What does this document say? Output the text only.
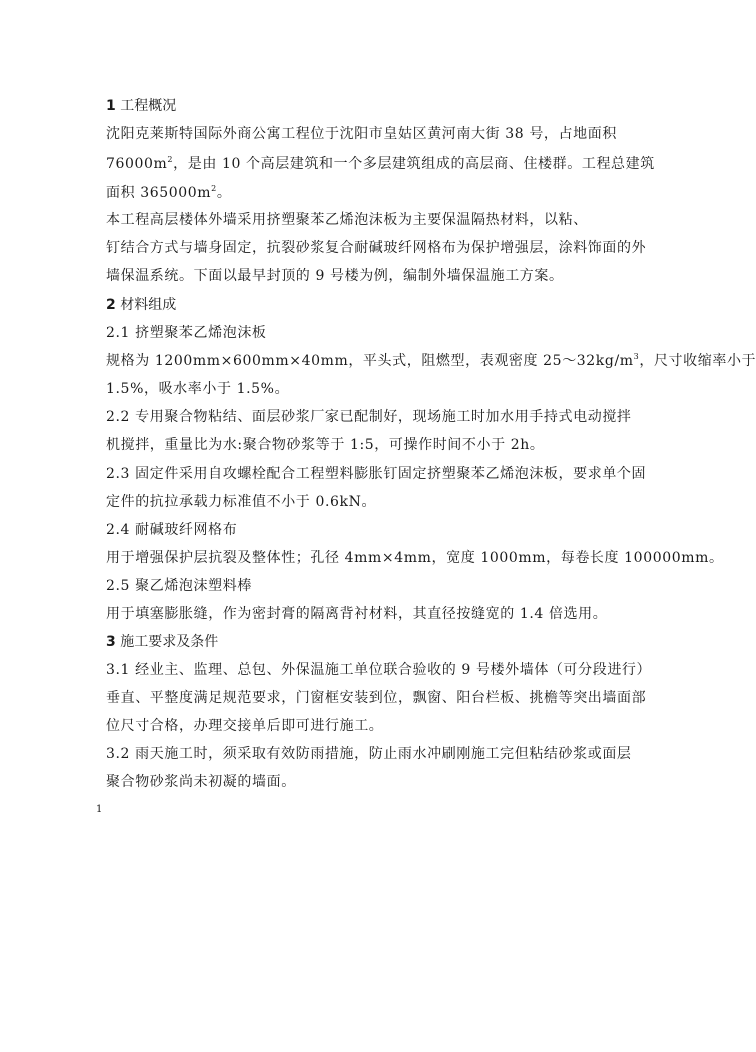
1 工程概况
沈阳克莱斯特国际外商公寓工程位于沈阳市皇姑区黄河南大街 38 号，占地面积
$76000m^2$，是由 10 个高层建筑和一个多层建筑组成的高层商、住楼群。工程总建筑
面积 $365000m^2$。
本工程高层楼体外墙采用挤塑聚苯乙烯泡沫板为主要保温隔热材料，以粘、
钉结合方式与墙身固定，抗裂砂浆复合耐碱玻纤网格布为保护增强层，涂料饰面的外
墙保温系统。下面以最早封顶的 9 号楼为例，编制外墙保温施工方案。
2 材料组成
2.1 挤塑聚苯乙烯泡沫板
规格为 1200mm×600mm×40mm，平头式，阻燃型，表观密度 $25\sim 32kg/m^3$，尺寸收缩率小于
1.5%，吸水率小于 1.5%。
2.2 专用聚合物粘结、面层砂浆厂家已配制好，现场施工时加水用手持式电动搅拌
机搅拌，重量比为水:聚合物砂浆等于 1:5，可操作时间不小于 2h。
2.3 固定件采用自攻螺栓配合工程塑料膨胀钉固定挤塑聚苯乙烯泡沫板，要求单个固
定件的抗拉承载力标准值不小于 0.6kN。
2.4 耐碱玻纤网格布
用于增强保护层抗裂及整体性；孔径 4mm×4mm，宽度 1000mm，每卷长度 100000mm。
2.5 聚乙烯泡沫塑料棒
用于填塞膨胀缝，作为密封膏的隔离背衬材料，其直径按缝宽的 1.4 倍选用。
3 施工要求及条件
3.1 经业主、监理、总包、外保温施工单位联合验收的 9 号楼外墙体（可分段进行）
垂直、平整度满足规范要求，门窗框安装到位，飘窗、阳台栏板、挑檐等突出墙面部
位尺寸合格，办理交接单后即可进行施工。
3.2 雨天施工时，须采取有效防雨措施，防止雨水冲刷刚施工完但粘结砂浆或面层
聚合物砂浆尚未初凝的墙面。
1
